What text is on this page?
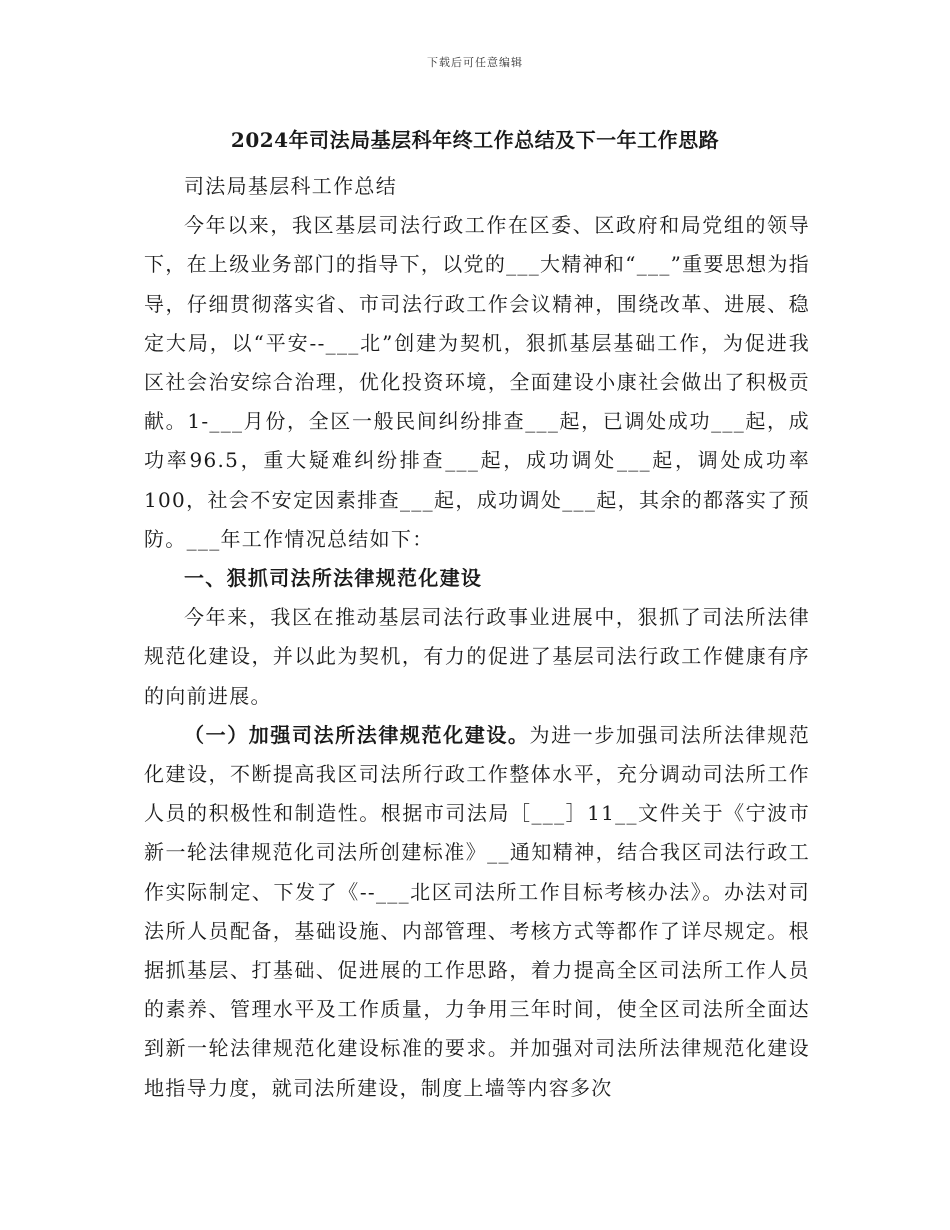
下载后可任意编辑
2024年司法局基层科年终工作总结及下一年工作思路

司法局基层科工作总结

今年以来，我区基层司法行政工作在区委、区政府和局党组的领导下，在上级业务部门的指导下，以党的___大精神和“___”重要思想为指导，仔细贯彻落实省、市司法行政工作会议精神，围绕改革、进展、稳定大局，以“平安--___北”创建为契机，狠抓基层基础工作，为促进我区社会治安综合治理，优化投资环境，全面建设小康社会做出了积极贡献。1-___月份，全区一般民间纠纷排查___起，已调处成功___起，成功率96.5，重大疑难纠纷排查___起，成功调处___起，调处成功率100，社会不安定因素排查___起，成功调处___起，其余的都落实了预防。___年工作情况总结如下：

一、狠抓司法所法律规范化建设

今年来，我区在推动基层司法行政事业进展中，狠抓了司法所法律规范化建设，并以此为契机，有力的促进了基层司法行政工作健康有序的向前进展。

（一）加强司法所法律规范化建设。为进一步加强司法所法律规范化建设，不断提高我区司法所行政工作整体水平，充分调动司法所工作人员的积极性和制造性。根据市司法局［___］11__文件关于《宁波市新一轮法律规范化司法所创建标准》__通知精神，结合我区司法行政工作实际制定、下发了《--___北区司法所工作目标考核办法》。办法对司法所人员配备，基础设施、内部管理、考核方式等都作了详尽规定。根据抓基层、打基础、促进展的工作思路，着力提高全区司法所工作人员的素养、管理水平及工作质量，力争用三年时间，使全区司法所全面达到新一轮法律规范化建设标准的要求。并加强对司法所法律规范化建设地指导力度，就司法所建设，制度上墙等内容多次
